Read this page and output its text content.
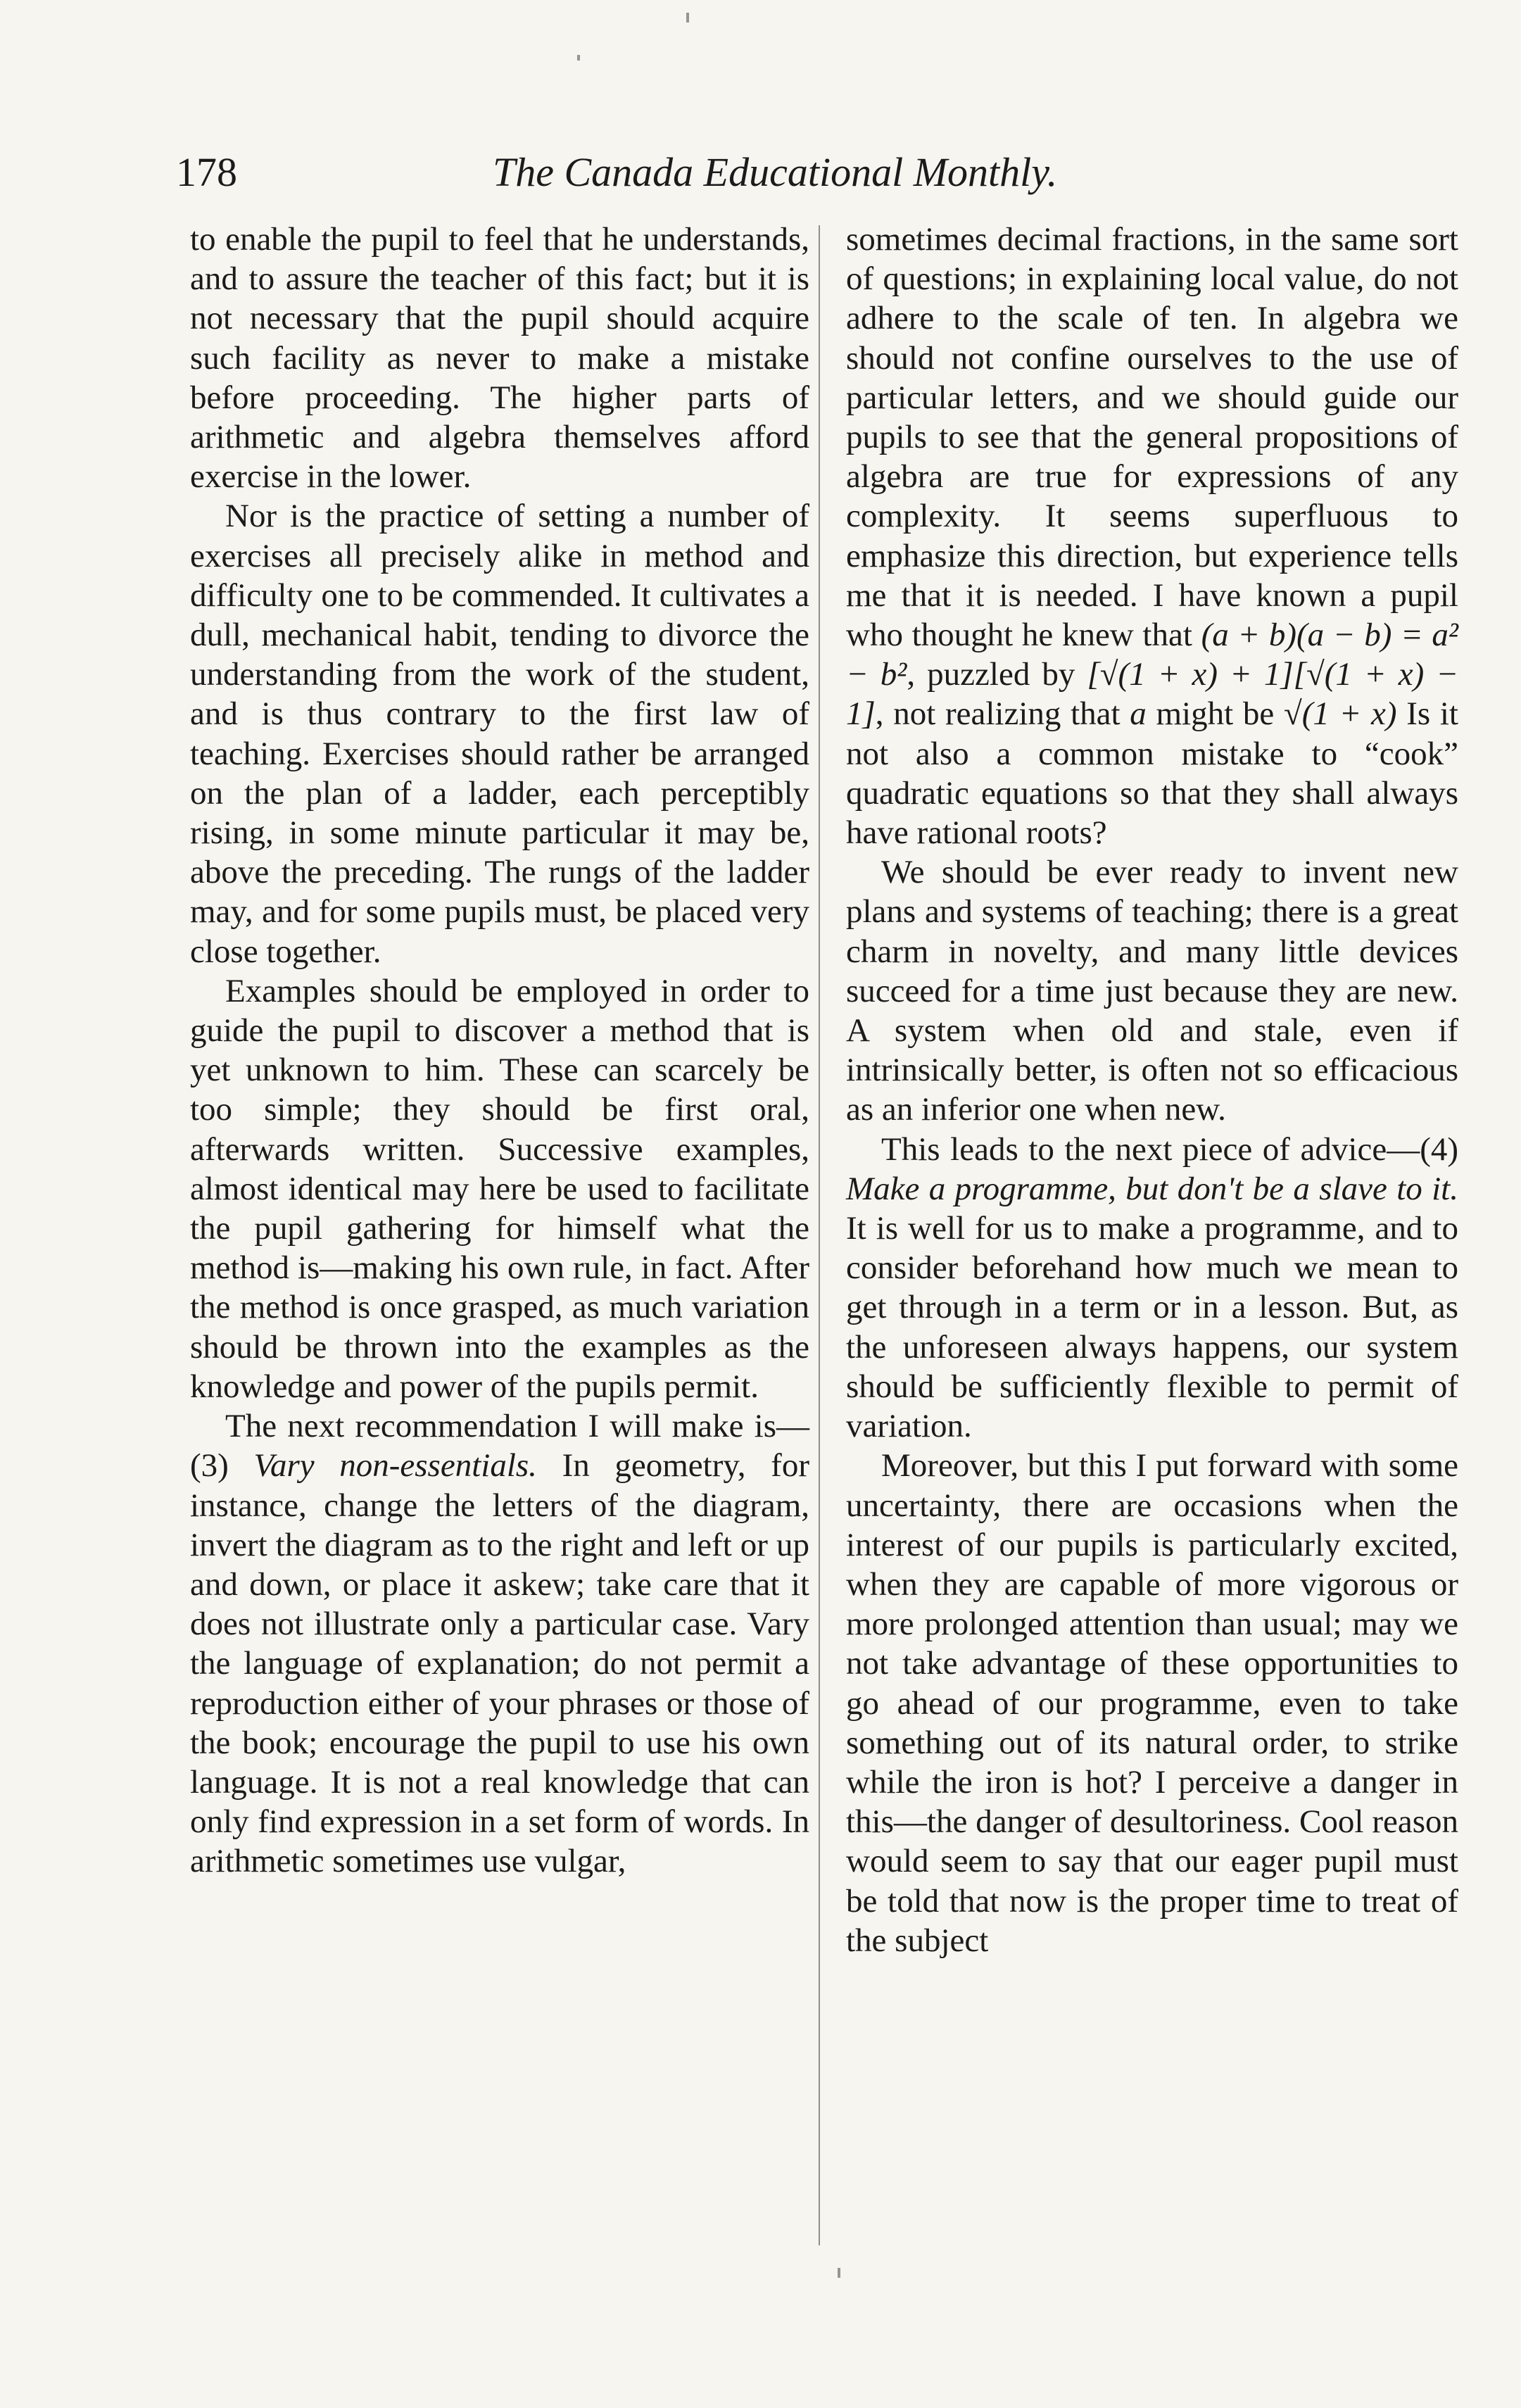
178	The Canada Educational Monthly.

to enable the pupil to feel that he understands, and to assure the teacher of this fact; but it is not necessary that the pupil should acquire such facility as never to make a mistake before proceeding. The higher parts of arithmetic and algebra themselves afford exercise in the lower.

Nor is the practice of setting a number of exercises all precisely alike in method and difficulty one to be commended. It cultivates a dull, mechanical habit, tending to divorce the understanding from the work of the student, and is thus contrary to the first law of teaching. Exercises should rather be arranged on the plan of a ladder, each perceptibly rising, in some minute particular it may be, above the preceding. The rungs of the ladder may, and for some pupils must, be placed very close together.

Examples should be employed in order to guide the pupil to discover a method that is yet unknown to him. These can scarcely be too simple; they should be first oral, afterwards written. Successive examples, almost identical may here be used to facilitate the pupil gathering for himself what the method is—making his own rule, in fact. After the method is once grasped, as much variation should be thrown into the examples as the knowledge and power of the pupils permit.

The next recommendation I will make is—(3) Vary non-essentials. In geometry, for instance, change the letters of the diagram, invert the diagram as to the right and left or up and down, or place it askew; take care that it does not illustrate only a particular case. Vary the language of explanation; do not permit a reproduction either of your phrases or those of the book; encourage the pupil to use his own language. It is not a real knowledge that can only find expression in a set form of words. In arithmetic sometimes use vulgar,

sometimes decimal fractions, in the same sort of questions; in explaining local value, do not adhere to the scale of ten. In algebra we should not confine ourselves to the use of particular letters, and we should guide our pupils to see that the general propositions of algebra are true for expressions of any complexity. It seems superfluous to emphasize this direction, but experience tells me that it is needed. I have known a pupil who thought he knew that (a + b)(a − b) = a² − b², puzzled by [√(1 + x) + 1][√(1 + x) − 1], not realizing that a might be √(1 + x) Is it not also a common mistake to “cook” quadratic equations so that they shall always have rational roots?

We should be ever ready to invent new plans and systems of teaching; there is a great charm in novelty, and many little devices succeed for a time just because they are new. A system when old and stale, even if intrinsically better, is often not so efficacious as an inferior one when new.

This leads to the next piece of advice—(4) Make a programme, but don't be a slave to it. It is well for us to make a programme, and to consider beforehand how much we mean to get through in a term or in a lesson. But, as the unforeseen always happens, our system should be sufficiently flexible to permit of variation.

Moreover, but this I put forward with some uncertainty, there are occasions when the interest of our pupils is particularly excited, when they are capable of more vigorous or more prolonged attention than usual; may we not take advantage of these opportunities to go ahead of our programme, even to take something out of its natural order, to strike while the iron is hot? I perceive a danger in this—the danger of desultoriness. Cool reason would seem to say that our eager pupil must be told that now is the proper time to treat of the subject
